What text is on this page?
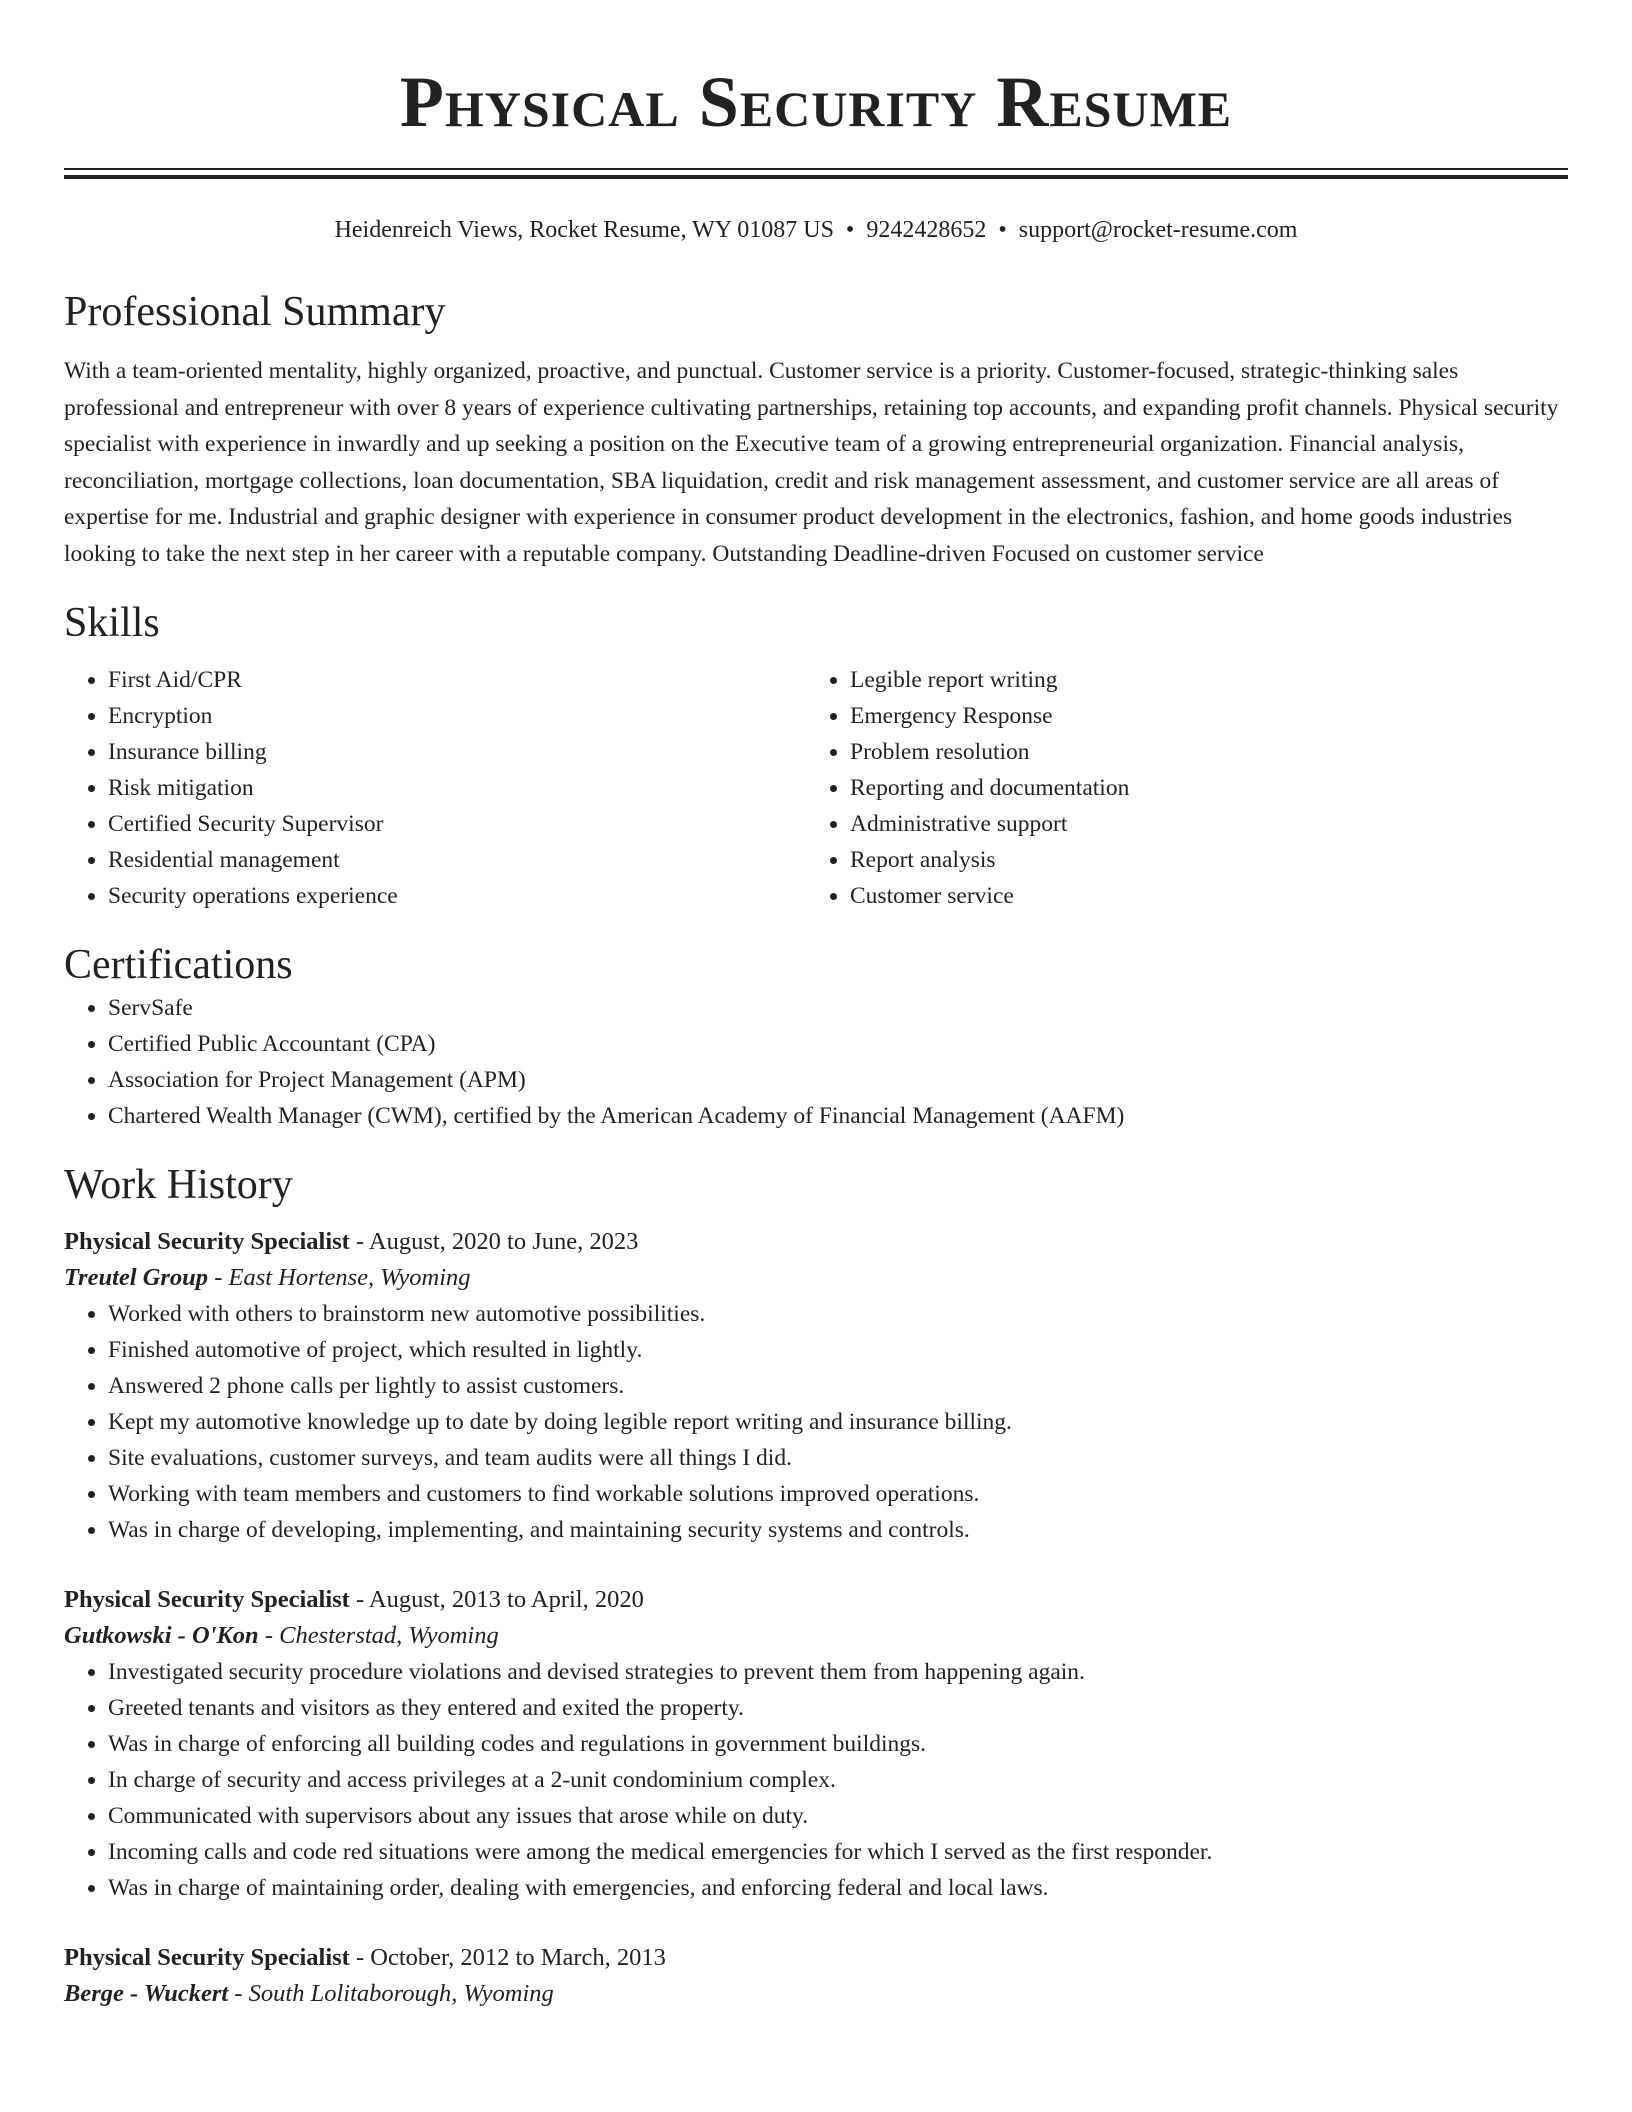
Physical Security Resume
Heidenreich Views, Rocket Resume, WY 01087 US • 9242428652 • support@rocket-resume.com
Professional Summary

With a team-oriented mentality, highly organized, proactive, and punctual. Customer service is a priority. Customer-focused, strategic-thinking sales professional and entrepreneur with over 8 years of experience cultivating partnerships, retaining top accounts, and expanding profit channels. Physical security specialist with experience in inwardly and up seeking a position on the Executive team of a growing entrepreneurial organization. Financial analysis, reconciliation, mortgage collections, loan documentation, SBA liquidation, credit and risk management assessment, and customer service are all areas of expertise for me. Industrial and graphic designer with experience in consumer product development in the electronics, fashion, and home goods industries looking to take the next step in her career with a reputable company. Outstanding Deadline-driven Focused on customer service

Skills
• First Aid/CPR
• Encryption
• Insurance billing
• Risk mitigation
• Certified Security Supervisor
• Residential management
• Security operations experience
• Legible report writing
• Emergency Response
• Problem resolution
• Reporting and documentation
• Administrative support
• Report analysis
• Customer service
Certifications
• ServSafe
• Certified Public Accountant (CPA)
• Association for Project Management (APM)
• Chartered Wealth Manager (CWM), certified by the American Academy of Financial Management (AAFM)
Work History
Physical Security Specialist - August, 2020 to June, 2023
Treutel Group - East Hortense, Wyoming
• Worked with others to brainstorm new automotive possibilities.
• Finished automotive of project, which resulted in lightly.
• Answered 2 phone calls per lightly to assist customers.
• Kept my automotive knowledge up to date by doing legible report writing and insurance billing.
• Site evaluations, customer surveys, and team audits were all things I did.
• Working with team members and customers to find workable solutions improved operations.
• Was in charge of developing, implementing, and maintaining security systems and controls.
Physical Security Specialist - August, 2013 to April, 2020
Gutkowski - O'Kon - Chesterstad, Wyoming
• Investigated security procedure violations and devised strategies to prevent them from happening again.
• Greeted tenants and visitors as they entered and exited the property.
• Was in charge of enforcing all building codes and regulations in government buildings.
• In charge of security and access privileges at a 2-unit condominium complex.
• Communicated with supervisors about any issues that arose while on duty.
• Incoming calls and code red situations were among the medical emergencies for which I served as the first responder.
• Was in charge of maintaining order, dealing with emergencies, and enforcing federal and local laws.
Physical Security Specialist - October, 2012 to March, 2013
Berge - Wuckert - South Lolitaborough, Wyoming
